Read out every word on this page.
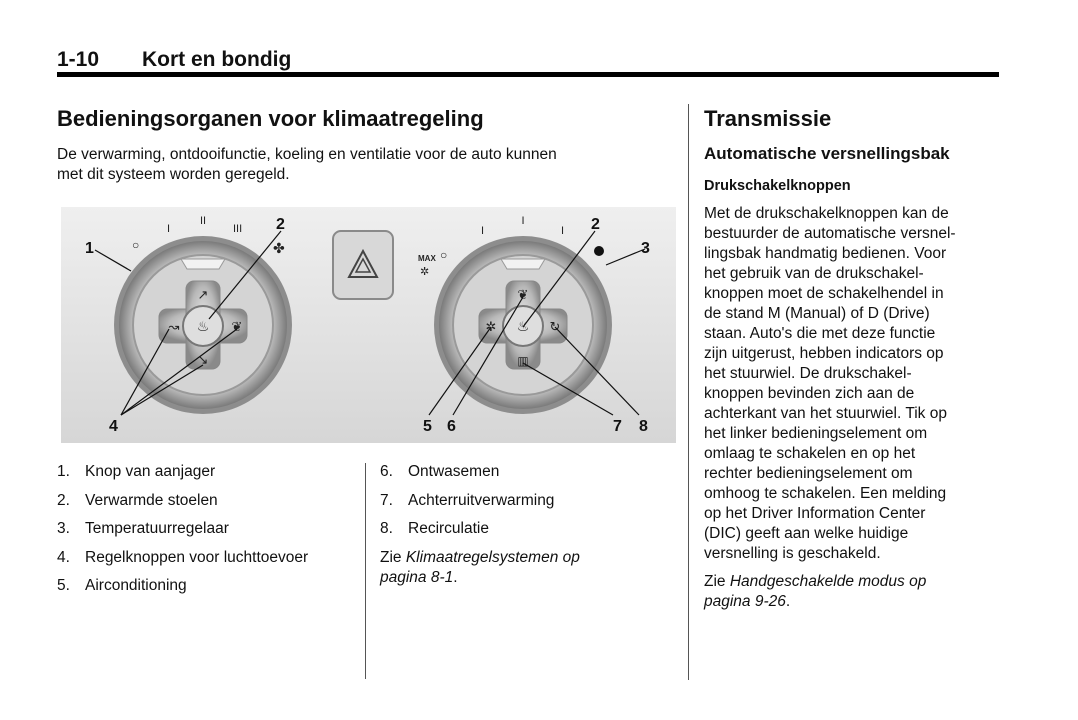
1-10 Kort en bondig
Bedieningsorganen voor klimaatregeling
De verwarming, ontdooifunctie, koeling en ventilatie voor de auto kunnen
met dit systeem worden geregeld.
♨
↗
↘
↝	❦
○
I
II
III
✤
♨
❦
▥
✲	↻
MAX
✲
○
I
I
I
1
2
4
2
3
5 6	7 8
1. Knop van aanjager
2. Verwarmde stoelen
3. Temperatuurregelaar
4. Regelknoppen voor luchttoevoer
5. Airconditioning
6. Ontwasemen
7. Achterruitverwarming
8. Recirculatie
Zie Klimaatregelsystemen op
pagina 8-1.
Transmissie
Automatische versnellingsbak
Drukschakelknoppen
Met de drukschakelknoppen kan de
bestuurder de automatische versnel-
lingsbak handmatig bedienen. Voor
het gebruik van de drukschakel-
knoppen moet de schakelhendel in
de stand M (Manual) of D (Drive)
staan. Auto's die met deze functie
zijn uitgerust, hebben indicators op
het stuurwiel. De drukschakel-
knoppen bevinden zich aan de
achterkant van het stuurwiel. Tik op
het linker bedieningselement om
omlaag te schakelen en op het
rechter bedieningselement om
omhoog te schakelen. Een melding
op het Driver Information Center
(DIC) geeft aan welke huidige
versnelling is geschakeld.
Zie Handgeschakelde modus op
pagina 9-26.
